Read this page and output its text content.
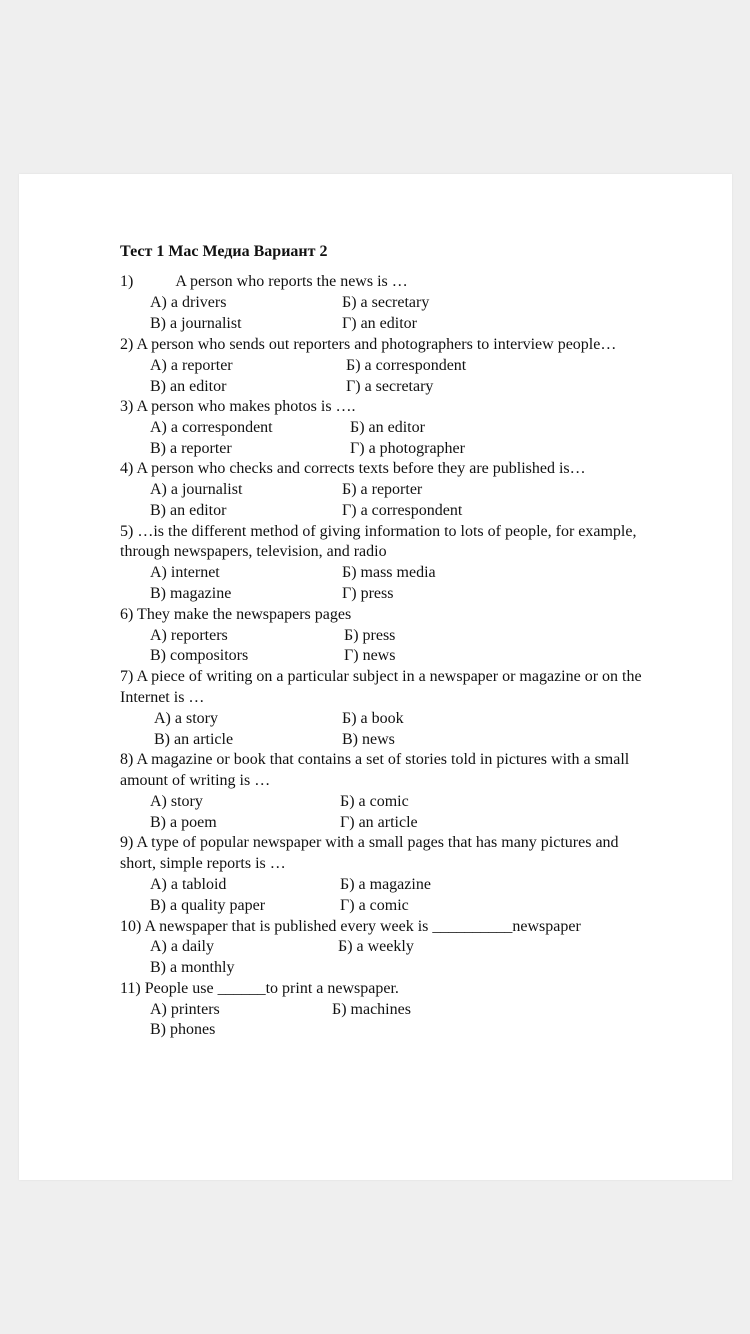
Тест 1 Мас Медиа Вариант 2
1)	A person who reports the news is …
A) a drivers	Б) a secretary
B) a journalist	Г) an editor
2) A person who sends out reporters and photographers to interview people…
A) a reporter	Б) a correspondent
B) an editor	Г) a secretary
3) A person who makes photos is ….
A) a correspondent	Б) an editor
B) a reporter	Г) a photographer
4) A person who checks and corrects texts before they are published is…
A) a journalist	Б) a reporter
B) an editor	Г) a correspondent
5) …is the different method of giving information to lots of people, for example,
through newspapers, television, and radio
A) internet	Б) mass media
B) magazine	Г) press
6) They make the newspapers pages
A) reporters	Б) press
B) compositors	Г) news
7) A piece of writing on a particular subject in a newspaper or magazine or on the
Internet is …
A) a story	Б) a book
B) an article	B) news
8) A magazine or book that contains a set of stories told in pictures with a small
amount of writing is …
A) story	Б) a comic
B) a poem	Г) an article
9) A type of popular newspaper with a small pages that has many pictures and
short, simple reports is …
A) a tabloid	Б) a magazine
B) a quality paper	Г) a comic
10) A newspaper that is published every week is __________newspaper
A) a daily	Б) a weekly
B) a monthly
11) People use ______to print a newspaper.
A) printers	Б) machines
B) phones
